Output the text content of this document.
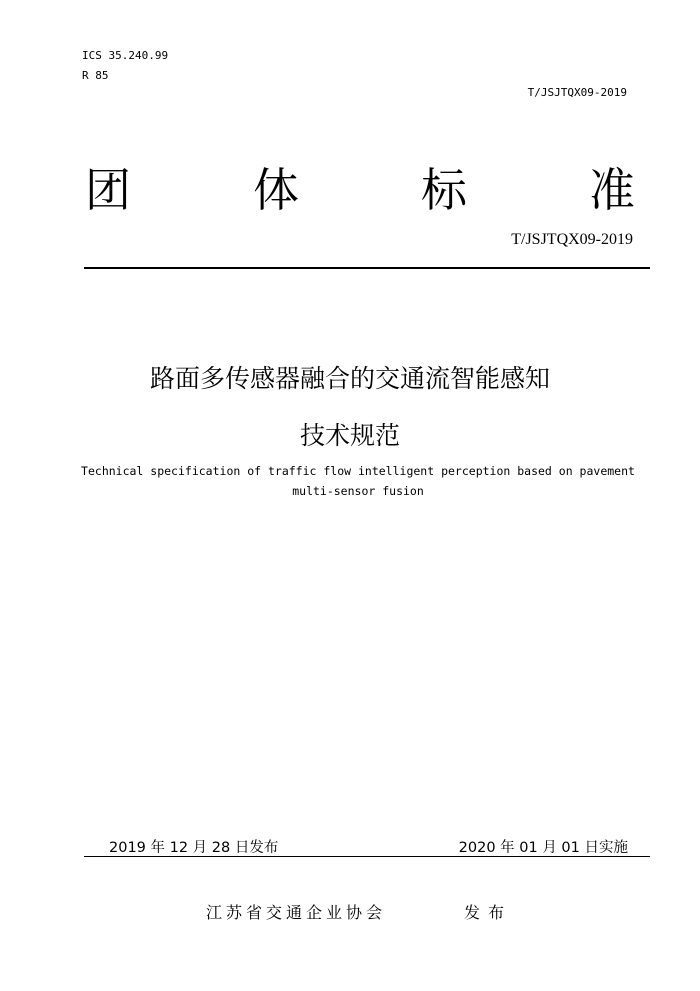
ICS 35.240.99
R 85
T/JSJTQX09-2019
团	体	标	准
T/JSJTQX09-2019
路面多传感器融合的交通流智能感知
技术规范
Technical specification of traffic flow intelligent perception based on pavement
multi-sensor fusion
2019 年 12 月 28 日发布	2020 年 01 月 01 日实施
江苏省交通企业协会	发布
